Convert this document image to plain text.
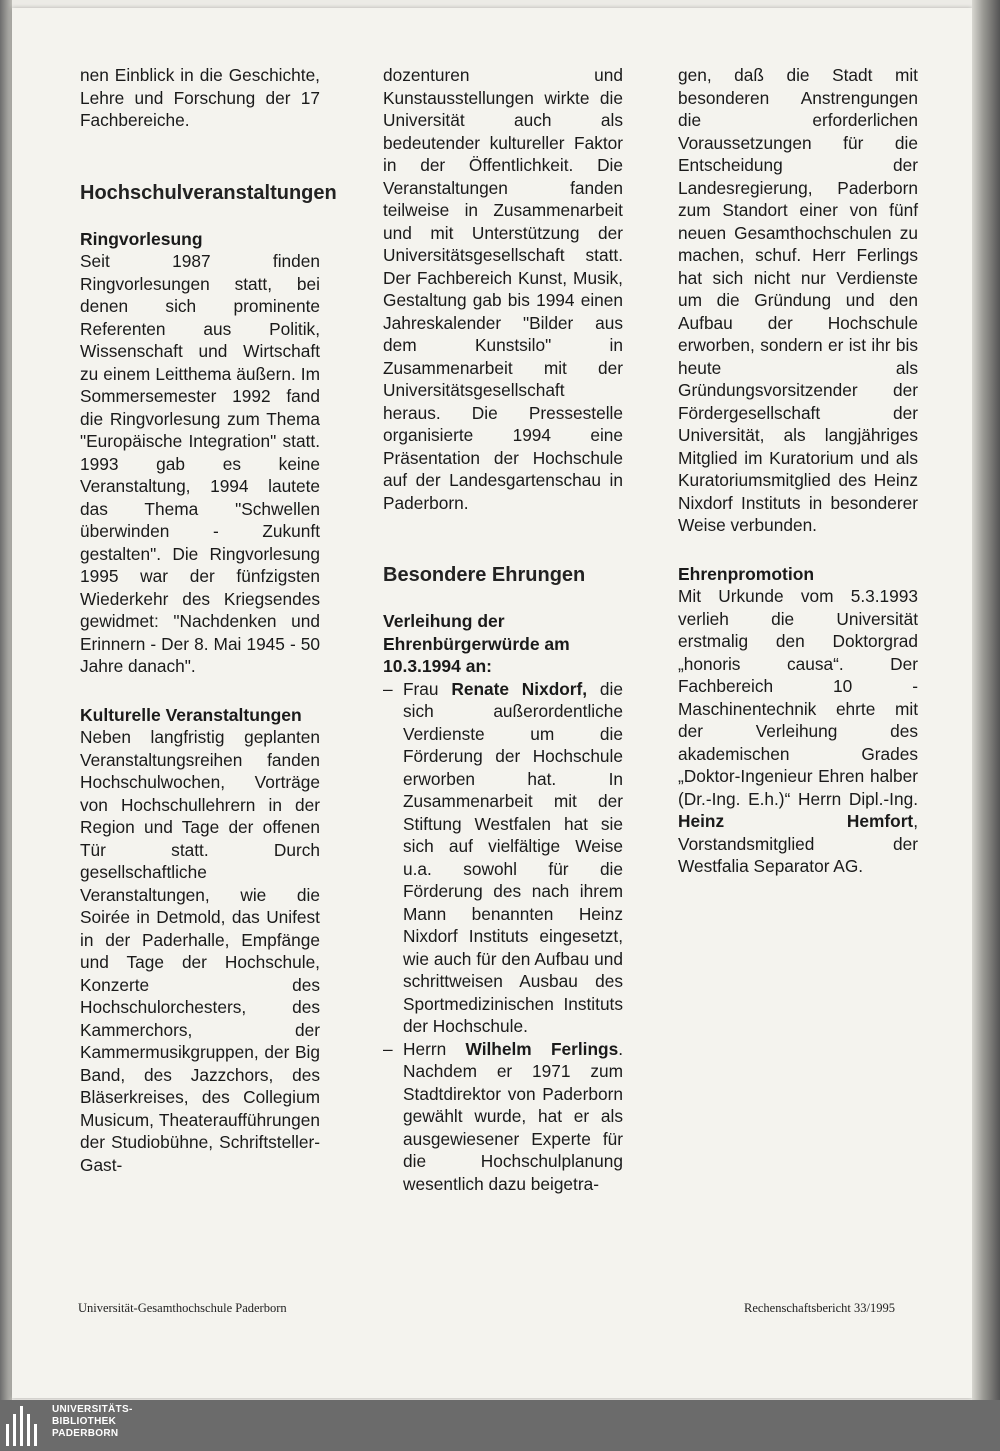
nen Einblick in die Geschichte, Lehre und Forschung der 17 Fachbereiche.

Hochschulveranstaltungen
Ringvorlesung

Seit 1987 finden Ringvorlesungen statt, bei denen sich prominente Referenten aus Politik, Wissenschaft und Wirtschaft zu einem Leitthema äußern. Im Sommersemester 1992 fand die Ringvorlesung zum Thema "Europäische Integration" statt. 1993 gab es keine Veranstaltung, 1994 lautete das Thema "Schwellen überwinden - Zukunft gestalten". Die Ringvorlesung 1995 war der fünfzigsten Wiederkehr des Kriegsendes gewidmet: "Nachdenken und Erinnern - Der 8. Mai 1945 - 50 Jahre danach".

Kulturelle Veranstaltungen

Neben langfristig geplanten Veranstaltungsreihen fanden Hochschulwochen, Vorträge von Hochschullehrern in der Region und Tage der offenen Tür statt. Durch gesellschaftliche Veranstaltungen, wie die Soirée in Detmold, das Unifest in der Paderhalle, Empfänge und Tage der Hochschule, Konzerte des Hochschulorchesters, des Kammerchors, der Kammermusikgruppen, der Big Band, des Jazzchors, des Bläserkreises, des Collegium Musicum, Theateraufführungen der Studiobühne, Schriftsteller-Gast-

dozenturen und Kunstausstellungen wirkte die Universität auch als bedeutender kultureller Faktor in der Öffentlichkeit. Die Veranstaltungen fanden teilweise in Zusammenarbeit und mit Unterstützung der Universitätsgesellschaft statt. Der Fachbereich Kunst, Musik, Gestaltung gab bis 1994 einen Jahreskalender "Bilder aus dem Kunstsilo" in Zusammenarbeit mit der Universitätsgesellschaft heraus. Die Pressestelle organisierte 1994 eine Präsentation der Hochschule auf der Landesgartenschau in Paderborn.

Besondere Ehrungen
Verleihung der Ehrenbürgerwürde am 10.3.1994 an:
– Frau Renate Nixdorf, die sich außerordentliche Verdienste um die Förderung der Hochschule erworben hat. In Zusammenarbeit mit der Stiftung Westfalen hat sie sich auf vielfältige Weise u.a. sowohl für die Förderung des nach ihrem Mann benannten Heinz Nixdorf Instituts eingesetzt, wie auch für den Aufbau und schrittweisen Ausbau des Sportmedizinischen Instituts der Hochschule.
– Herrn Wilhelm Ferlings. Nachdem er 1971 zum Stadtdirektor von Paderborn gewählt wurde, hat er als ausgewiesener Experte für die Hochschulplanung wesentlich dazu beigetra-

gen, daß die Stadt mit besonderen Anstrengungen die erforderlichen Voraussetzungen für die Entscheidung der Landesregierung, Paderborn zum Standort einer von fünf neuen Gesamthochschulen zu machen, schuf. Herr Ferlings hat sich nicht nur Verdienste um die Gründung und den Aufbau der Hochschule erworben, sondern er ist ihr bis heute als Gründungsvorsitzender der Fördergesellschaft der Universität, als langjähriges Mitglied im Kuratorium und als Kuratoriumsmitglied des Heinz Nixdorf Instituts in besonderer Weise verbunden.

Ehrenpromotion

Mit Urkunde vom 5.3.1993 verlieh die Universität erstmalig den Doktorgrad „honoris causa“. Der Fachbereich 10 - Maschinentechnik ehrte mit der Verleihung des akademischen Grades „Doktor-Ingenieur Ehren halber (Dr.-Ing. E.h.)“ Herrn Dipl.-Ing. Heinz Hemfort, Vorstandsmitglied der Westfalia Separator AG.

Universität-Gesamthochschule Paderborn	Rechenschaftsbericht 33/1995
UNIVERSITÄTS-
BIBLIOTHEK
PADERBORN
